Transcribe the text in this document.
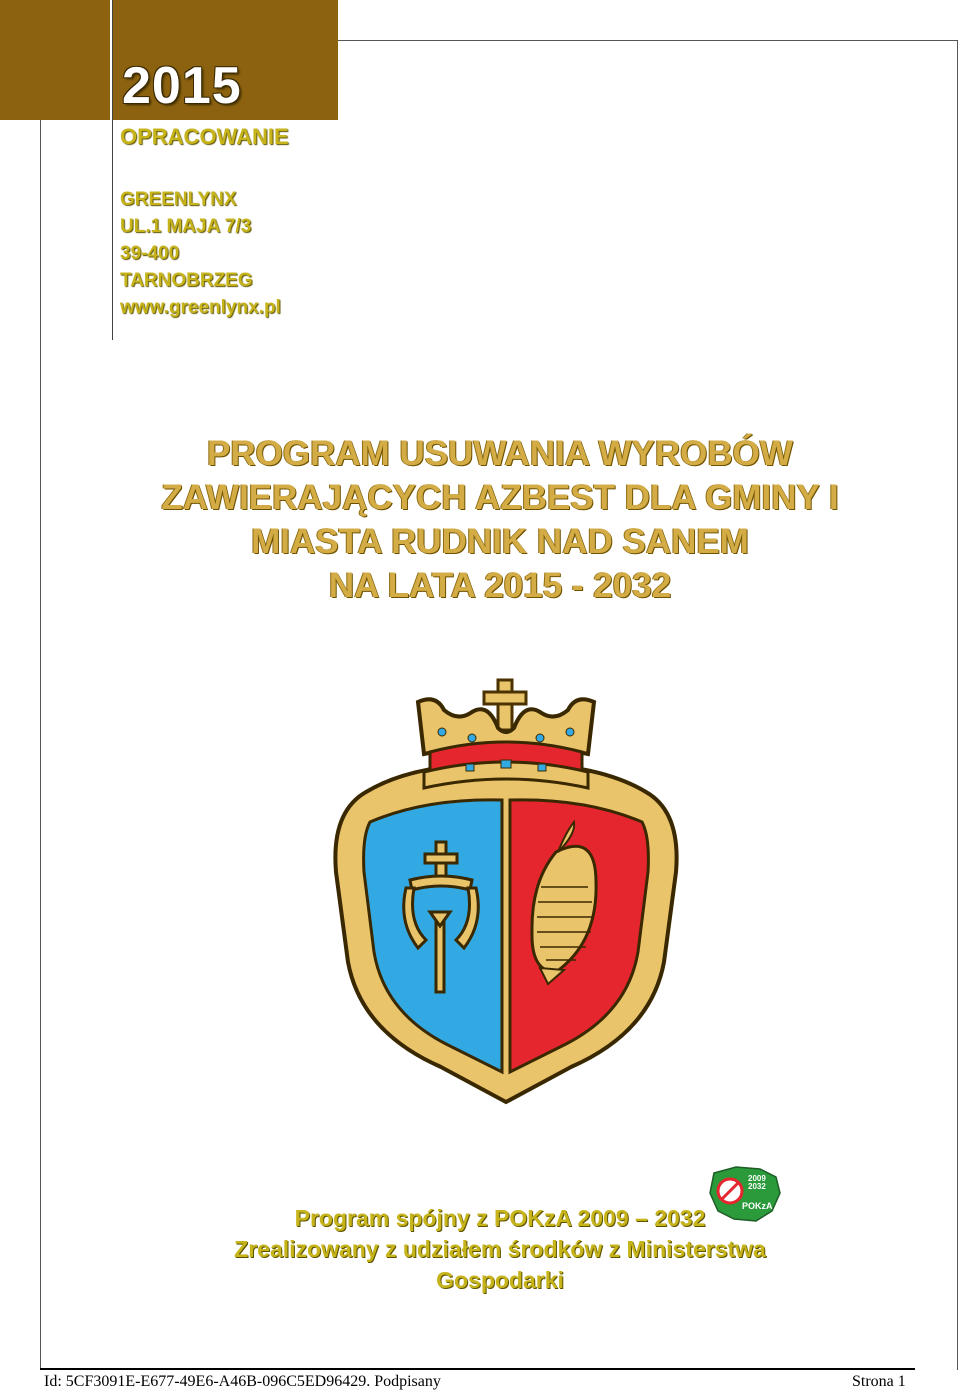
2015
OPRACOWANIE
GREENLYNX
UL.1 MAJA 7/3
39-400
TARNOBRZEG
www.greenlynx.pl
PROGRAM USUWANIA WYROBÓW
ZAWIERAJĄCYCH AZBEST DLA GMINY I
MIASTA RUDNIK NAD SANEM
NA LATA 2015 - 2032
2009
2032
POKzA
Program spójny z POKzA 2009 – 2032
Zrealizowany z udziałem środków z Ministerstwa
Gospodarki
Id: 5CF3091E-E677-49E6-A46B-096C5ED96429. Podpisany	Strona 1
